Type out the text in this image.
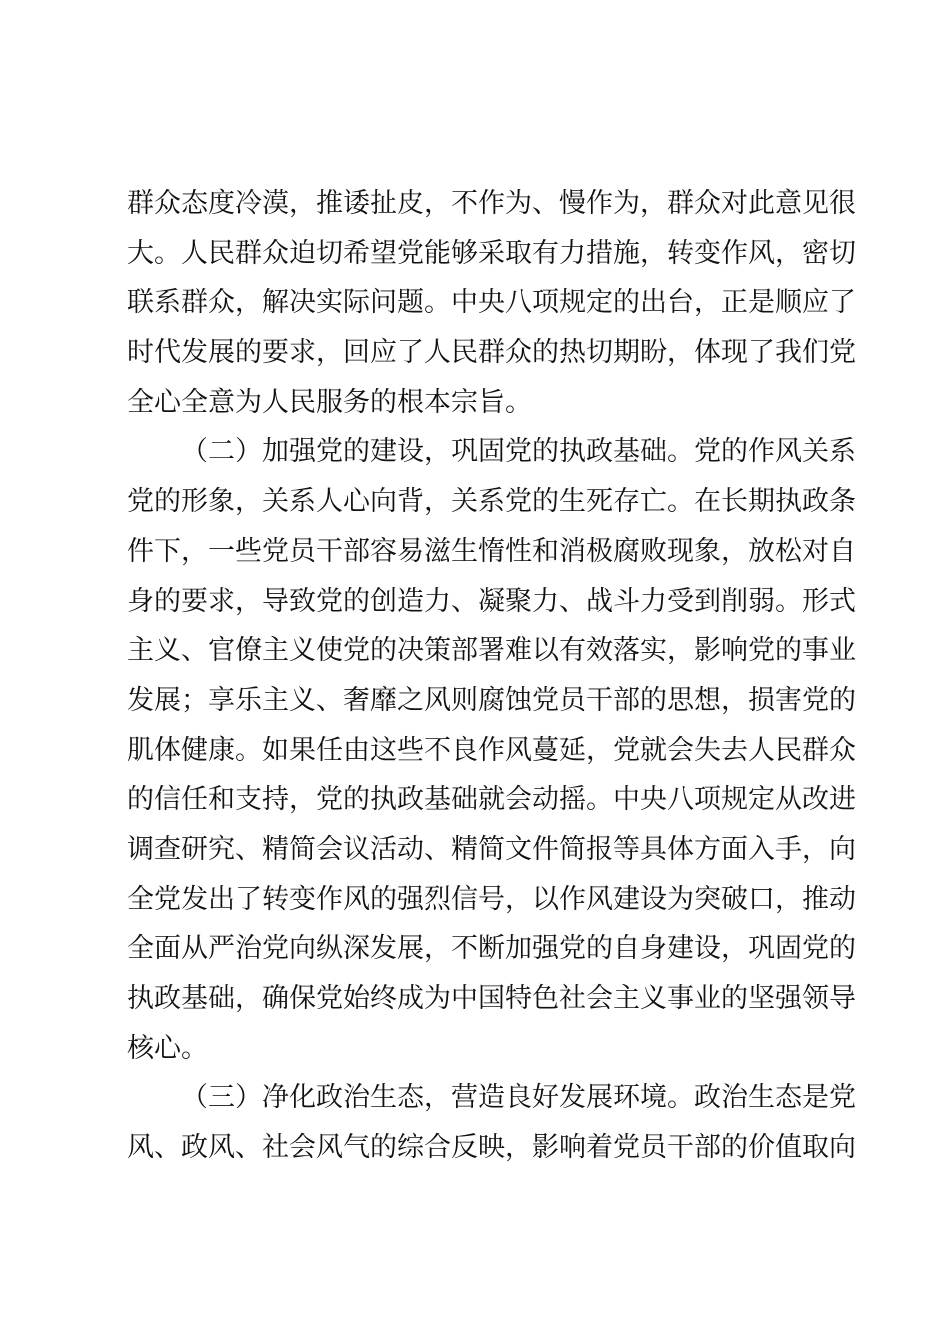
群众态度冷漠，推诿扯皮，不作为、慢作为，群众对此意见很
大。人民群众迫切希望党能够采取有力措施，转变作风，密切
联系群众，解决实际问题。中央八项规定的出台，正是顺应了
时代发展的要求，回应了人民群众的热切期盼，体现了我们党
全心全意为人民服务的根本宗旨。
（二）加强党的建设，巩固党的执政基础。党的作风关系
党的形象，关系人心向背，关系党的生死存亡。在长期执政条
件下，一些党员干部容易滋生惰性和消极腐败现象，放松对自
身的要求，导致党的创造力、凝聚力、战斗力受到削弱。形式
主义、官僚主义使党的决策部署难以有效落实，影响党的事业
发展；享乐主义、奢靡之风则腐蚀党员干部的思想，损害党的
肌体健康。如果任由这些不良作风蔓延，党就会失去人民群众
的信任和支持，党的执政基础就会动摇。中央八项规定从改进
调查研究、精简会议活动、精简文件简报等具体方面入手，向
全党发出了转变作风的强烈信号，以作风建设为突破口，推动
全面从严治党向纵深发展，不断加强党的自身建设，巩固党的
执政基础，确保党始终成为中国特色社会主义事业的坚强领导
核心。
（三）净化政治生态，营造良好发展环境。政治生态是党
风、政风、社会风气的综合反映，影响着党员干部的价值取向
